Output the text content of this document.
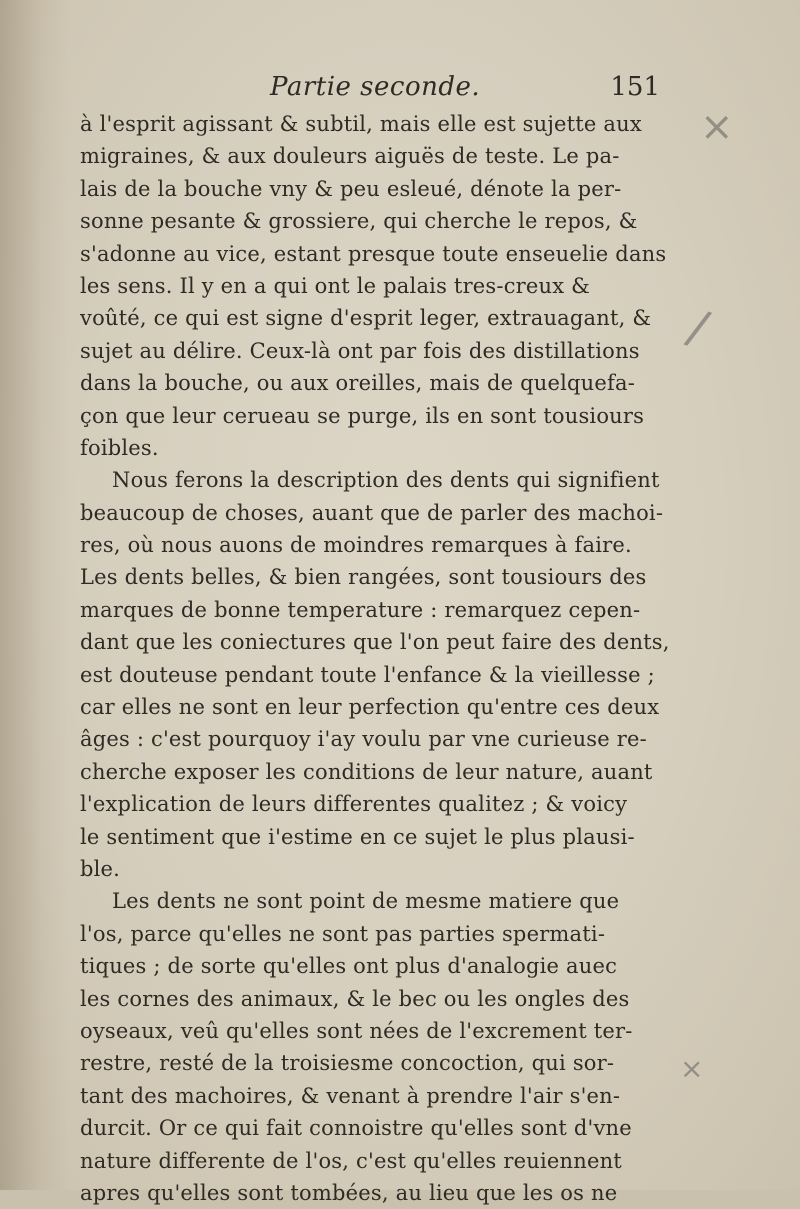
Partie seconde.	151
à l'esprit agissant & subtil, mais elle est sujette aux
migraines, & aux douleurs aiguës de teste. Le pa-
lais de la bouche vny & peu esleué, dénote la per-
sonne pesante & grossiere, qui cherche le repos, &
s'adonne au vice, estant presque toute enseuelie dans
les sens. Il y en a qui ont le palais tres-creux &
voûté, ce qui est signe d'esprit leger, extrauagant, &
sujet au délire. Ceux-là ont par fois des distillations
dans la bouche, ou aux oreilles, mais de quelquefa-
çon que leur cerueau se purge, ils en sont tousiours
foibles.
Nous ferons la description des dents qui signifient
beaucoup de choses, auant que de parler des machoi-
res, où nous auons de moindres remarques à faire.
Les dents belles, & bien rangées, sont tousiours des
marques de bonne temperature : remarquez cepen-
dant que les coniectures que l'on peut faire des dents,
est douteuse pendant toute l'enfance & la vieillesse ;
car elles ne sont en leur perfection qu'entre ces deux
âges : c'est pourquoy i'ay voulu par vne curieuse re-
cherche exposer les conditions de leur nature, auant
l'explication de leurs differentes qualitez ; & voicy
le sentiment que i'estime en ce sujet le plus plausi-
ble.
Les dents ne sont point de mesme matiere que
l'os, parce qu'elles ne sont pas parties spermati-
tiques ; de sorte qu'elles ont plus d'analogie auec
les cornes des animaux, & le bec ou les ongles des
oyseaux, veû qu'elles sont nées de l'excrement ter-
restre, resté de la troisiesme concoction, qui sor-
tant des machoires, & venant à prendre l'air s'en-
durcit. Or ce qui fait connoistre qu'elles sont d'vne
nature differente de l'os, c'est qu'elles reuiennent
apres qu'elles sont tombées, au lieu que les os ne
×
/
×
